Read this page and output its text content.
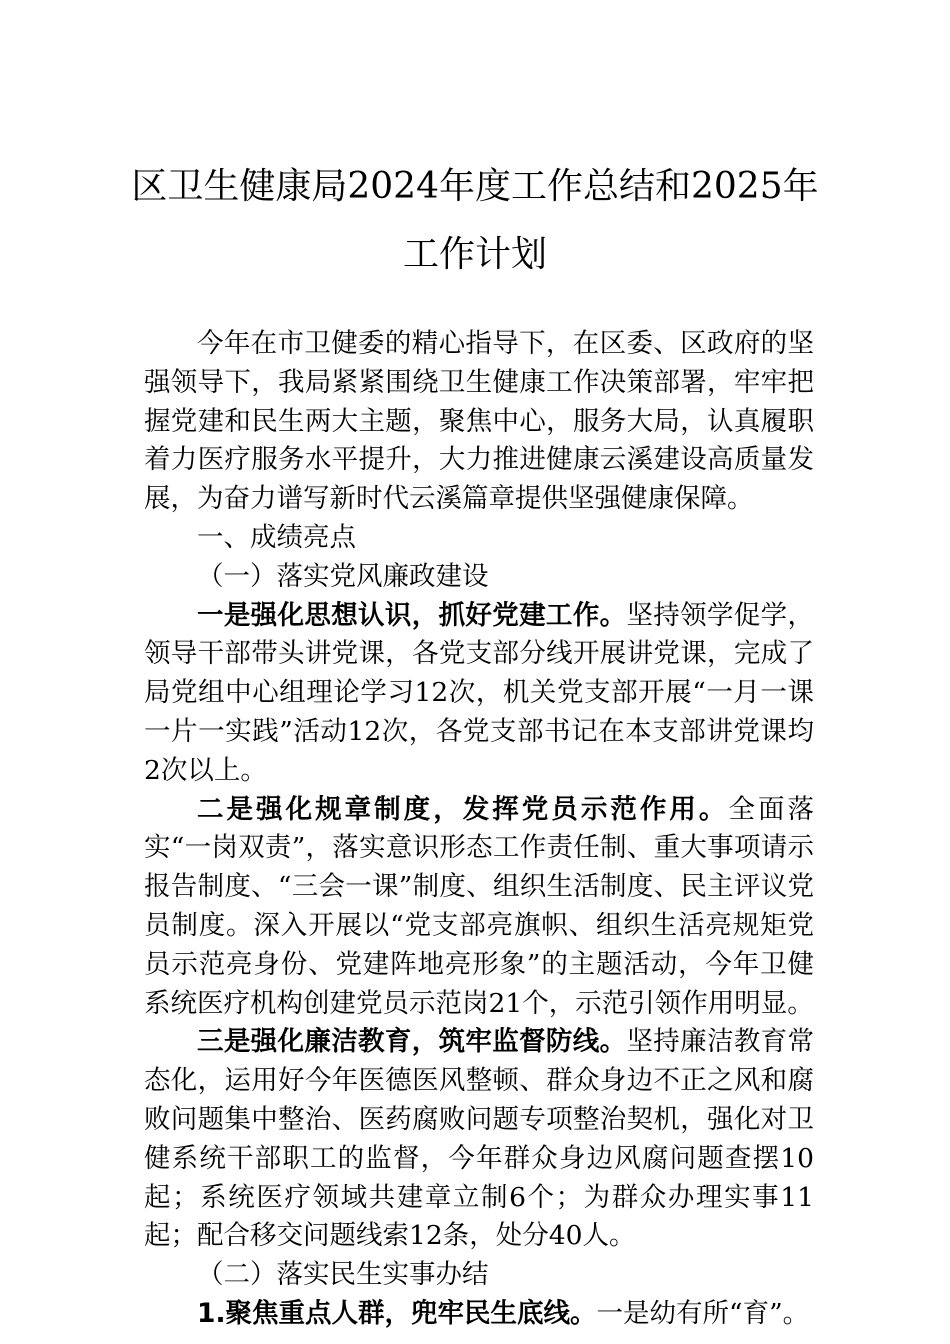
区卫生健康局2024年度工作总结和2025年
工作计划

今年在市卫健委的精心指导下，在区委、区政府的坚强领导下，我局紧紧围绕卫生健康工作决策部署，牢牢把握党建和民生两大主题，聚焦中心，服务大局，认真履职着力医疗服务水平提升，大力推进健康云溪建设高质量发展，为奋力谱写新时代云溪篇章提供坚强健康保障。

一、成绩亮点

（一）落实党风廉政建设

一是强化思想认识，抓好党建工作。坚持领学促学，领导干部带头讲党课，各党支部分线开展讲党课，完成了局党组中心组理论学习12次，机关党支部开展“一月一课一片一实践”活动12次，各党支部书记在本支部讲党课均2次以上。

二是强化规章制度，发挥党员示范作用。全面落实“一岗双责”，落实意识形态工作责任制、重大事项请示报告制度、“三会一课”制度、组织生活制度、民主评议党员制度。深入开展以“党支部亮旗帜、组织生活亮规矩党员示范亮身份、党建阵地亮形象”的主题活动，今年卫健系统医疗机构创建党员示范岗21个，示范引领作用明显。

三是强化廉洁教育，筑牢监督防线。坚持廉洁教育常态化，运用好今年医德医风整顿、群众身边不正之风和腐败问题集中整治、医药腐败问题专项整治契机，强化对卫健系统干部职工的监督，今年群众身边风腐问题查摆10起；系统医疗领域共建章立制6个；为群众办理实事11起；配合移交问题线索12条，处分40人。

（二）落实民生实事办结

1.聚焦重点人群，兜牢民生底线。一是幼有所“育”。
